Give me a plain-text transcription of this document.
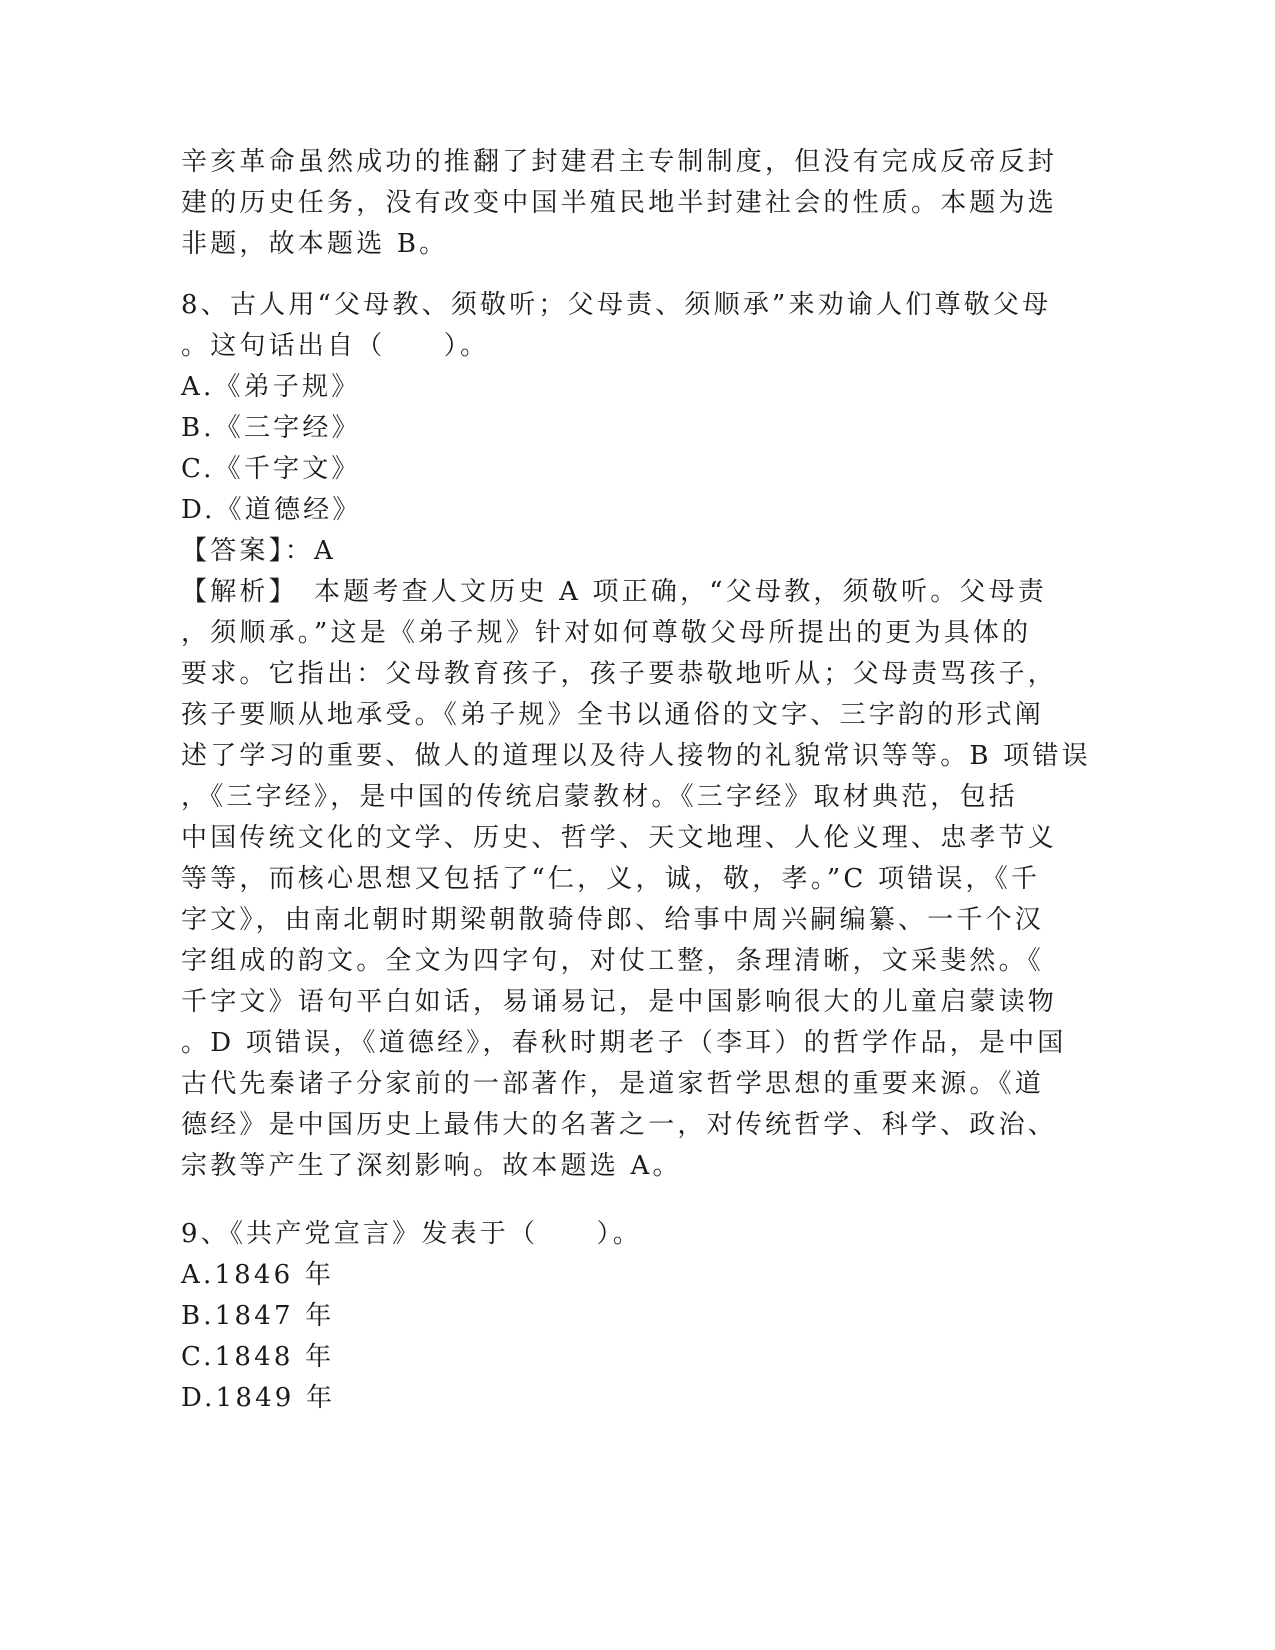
辛亥革命虽然成功的推翻了封建君主专制制度，但没有完成反帝反封
建的历史任务，没有改变中国半殖民地半封建社会的性质。本题为选
非题，故本题选 B。
8、古人用“父母教、须敬听；父母责、须顺承”来劝谕人们尊敬父母
。这句话出自（　　）。
A.《弟子规》
B.《三字经》
C.《千字文》
D.《道德经》
【答案】：A
【解析】　本题考查人文历史 A 项正确，“父母教，须敬听。父母责
，须顺承。”这是《弟子规》针对如何尊敬父母所提出的更为具体的
要求。它指出：父母教育孩子，孩子要恭敬地听从；父母责骂孩子，
孩子要顺从地承受。《弟子规》全书以通俗的文字、三字韵的形式阐
述了学习的重要、做人的道理以及待人接物的礼貌常识等等。B 项错误
，《三字经》，是中国的传统启蒙教材。《三字经》取材典范，包括
中国传统文化的文学、历史、哲学、天文地理、人伦义理、忠孝节义
等等，而核心思想又包括了“仁，义，诚，敬，孝。”C 项错误，《千
字文》，由南北朝时期梁朝散骑侍郎、给事中周兴嗣编纂、一千个汉
字组成的韵文。全文为四字句，对仗工整，条理清晰，文采斐然。《
千字文》语句平白如话，易诵易记，是中国影响很大的儿童启蒙读物
。D 项错误，《道德经》，春秋时期老子（李耳）的哲学作品，是中国
古代先秦诸子分家前的一部著作，是道家哲学思想的重要来源。《道
德经》是中国历史上最伟大的名著之一，对传统哲学、科学、政治、
宗教等产生了深刻影响。故本题选 A。
9、《共产党宣言》发表于（　　）。
A.1846 年
B.1847 年
C.1848 年
D.1849 年
